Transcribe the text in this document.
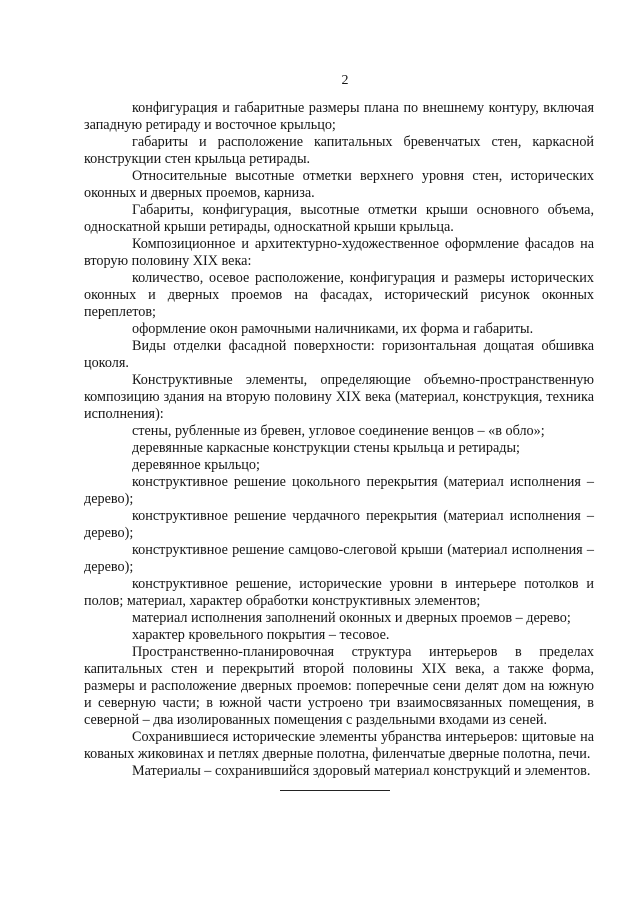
2

конфигурация и габаритные размеры плана по внешнему контуру, включая западную ретираду и восточное крыльцо;

габариты и расположение капитальных бревенчатых стен, каркасной конструкции стен крыльца ретирады.

Относительные высотные отметки верхнего уровня стен, исторических оконных и дверных проемов, карниза.

Габариты, конфигурация, высотные отметки крыши основного объема, односкатной крыши ретирады, односкатной крыши крыльца.

Композиционное и архитектурно-художественное оформление фасадов на вторую половину XIX века:

количество, осевое расположение, конфигурация и размеры исторических оконных и дверных проемов на фасадах, исторический рисунок оконных переплетов;

оформление окон рамочными наличниками, их форма и габариты.

Виды отделки фасадной поверхности: горизонтальная дощатая обшивка цоколя.

Конструктивные элементы, определяющие объемно-пространственную композицию здания на вторую половину XIX века (материал, конструкция, техника исполнения):

стены, рубленные из бревен, угловое соединение венцов – «в обло»;

деревянные каркасные конструкции стены крыльца и ретирады;

деревянное крыльцо;

конструктивное решение цокольного перекрытия (материал исполнения – дерево);

конструктивное решение чердачного перекрытия (материал исполнения – дерево);

конструктивное решение самцово-слеговой крыши (материал исполнения – дерево);

конструктивное решение, исторические уровни в интерьере потолков и полов; материал, характер обработки конструктивных элементов;

материал исполнения заполнений оконных и дверных проемов – дерево;

характер кровельного покрытия – тесовое.

Пространственно-планировочная структура интерьеров в пределах капитальных стен и перекрытий второй половины XIX века, а также форма, размеры и расположение дверных проемов: поперечные сени делят дом на южную и северную части; в южной части устроено три взаимосвязанных помещения, в северной – два изолированных помещения с раздельными входами из сеней.

Сохранившиеся исторические элементы убранства интерьеров: щитовые на кованых жиковинах и петлях дверные полотна, филенчатые дверные полотна, печи.

Материалы – сохранившийся здоровый материал конструкций и элементов.
